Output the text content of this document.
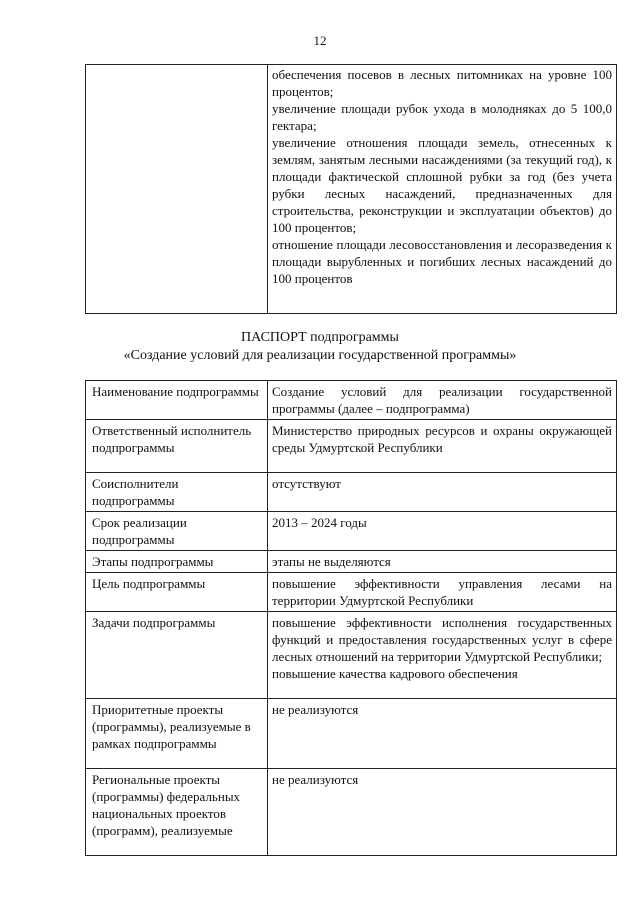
12

обеспечения посевов в лесных питомниках на уровне 100 процентов;
увеличение площади рубок ухода в молодняках до 5 100,0 гектара;
увеличение отношения площади земель, отнесенных к землям, занятым лесными насаждениями (за текущий год), к площади фактической сплошной рубки за год (без учета рубки лесных насаждений, предназначенных для строительства, реконструкции и эксплуатации объектов) до 100 процентов;
отношение площади лесовосстановления и лесоразведения к площади вырубленных и погибших лесных насаждений до 100 процентов
ПАСПОРТ подпрограммы
«Создание условий для реализации государственной программы»
Наименование подпрограммы	Создание условий для реализации государственной программы (далее – подпрограмма)

Ответственный исполнитель подпрограммы	Министерство природных ресурсов и охраны окружающей среды Удмуртской Республики

Соисполнители подпрограммы	отсутствуют

Срок реализации подпрограммы	2013 – 2024 годы

Этапы подпрограммы	этапы не выделяются

Цель подпрограммы	повышение эффективности управления лесами на территории Удмуртской Республики

Задачи подпрограммы	повышение эффективности исполнения государственных функций и предоставления государственных услуг в сфере лесных отношений на территории Удмуртской Республики;
повышение качества кадрового обеспечения

Приоритетные проекты (программы), реализуемые в рамках подпрограммы	не реализуются

Региональные проекты (программы) федеральных национальных проектов (программ), реализуемые	не реализуются
